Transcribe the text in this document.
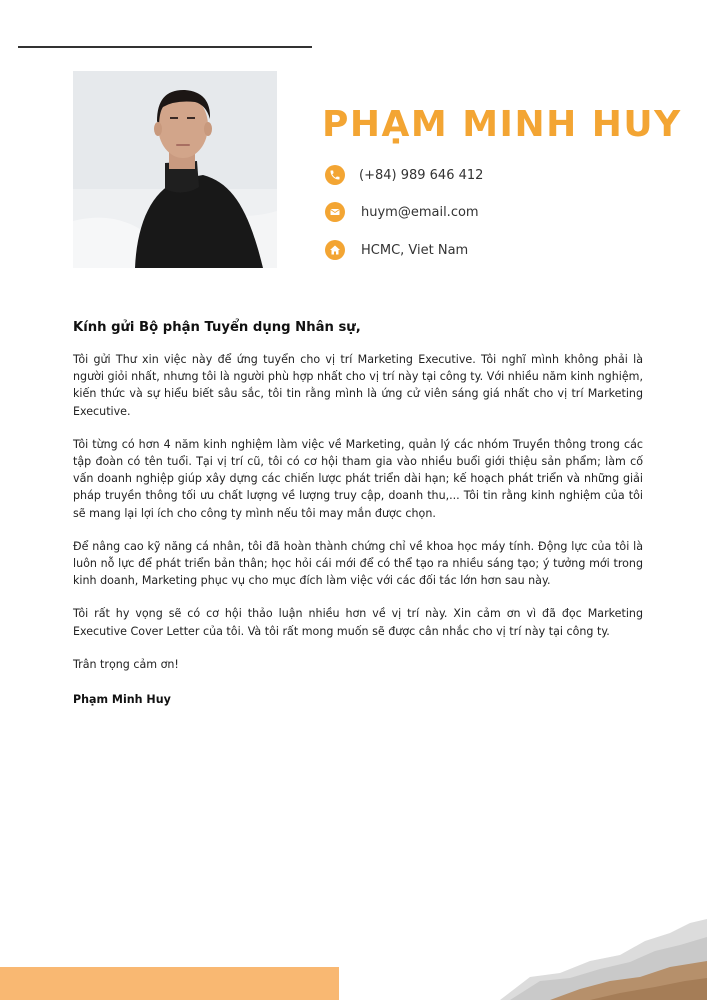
PHẠM MINH HUY
(+84) 989 646 412
huym@email.com
HCMC, Viet Nam

Kính gửi Bộ phận Tuyển dụng Nhân sự,

Tôi gửi Thư xin việc này để ứng tuyển cho vị trí Marketing Executive. Tôi nghĩ mình không phải là người giỏi nhất, nhưng tôi là người phù hợp nhất cho vị trí này tại công ty. Với nhiều năm kinh nghiệm, kiến thức và sự hiểu biết sâu sắc, tôi tin rằng mình là ứng cử viên sáng giá nhất cho vị trí Marketing Executive.

Tôi từng có hơn 4 năm kinh nghiệm làm việc về Marketing, quản lý các nhóm Truyền thông trong các tập đoàn có tên tuổi. Tại vị trí cũ, tôi có cơ hội tham gia vào nhiều buổi giới thiệu sản phẩm; làm cố vấn doanh nghiệp giúp xây dựng các chiến lược phát triển dài hạn; kế hoạch phát triển và những giải pháp truyền thông tối ưu chất lượng về lượng truy cập, doanh thu,... Tôi tin rằng kinh nghiệm của tôi sẽ mang lại lợi ích cho công ty mình nếu tôi may mắn được chọn.

Để nâng cao kỹ năng cá nhân, tôi đã hoàn thành chứng chỉ về khoa học máy tính. Động lực của tôi là luôn nỗ lực để phát triển bản thân; học hỏi cái mới để có thể tạo ra nhiều sáng tạo; ý tưởng mới trong kinh doanh, Marketing phục vụ cho mục đích làm việc với các đối tác lớn hơn sau này.

Tôi rất hy vọng sẽ có cơ hội thảo luận nhiều hơn về vị trí này. Xin cảm ơn vì đã đọc Marketing Executive Cover Letter của tôi. Và tôi rất mong muốn sẽ được cân nhắc cho vị trí này tại công ty.

Trân trọng cảm ơn!

Phạm Minh Huy
